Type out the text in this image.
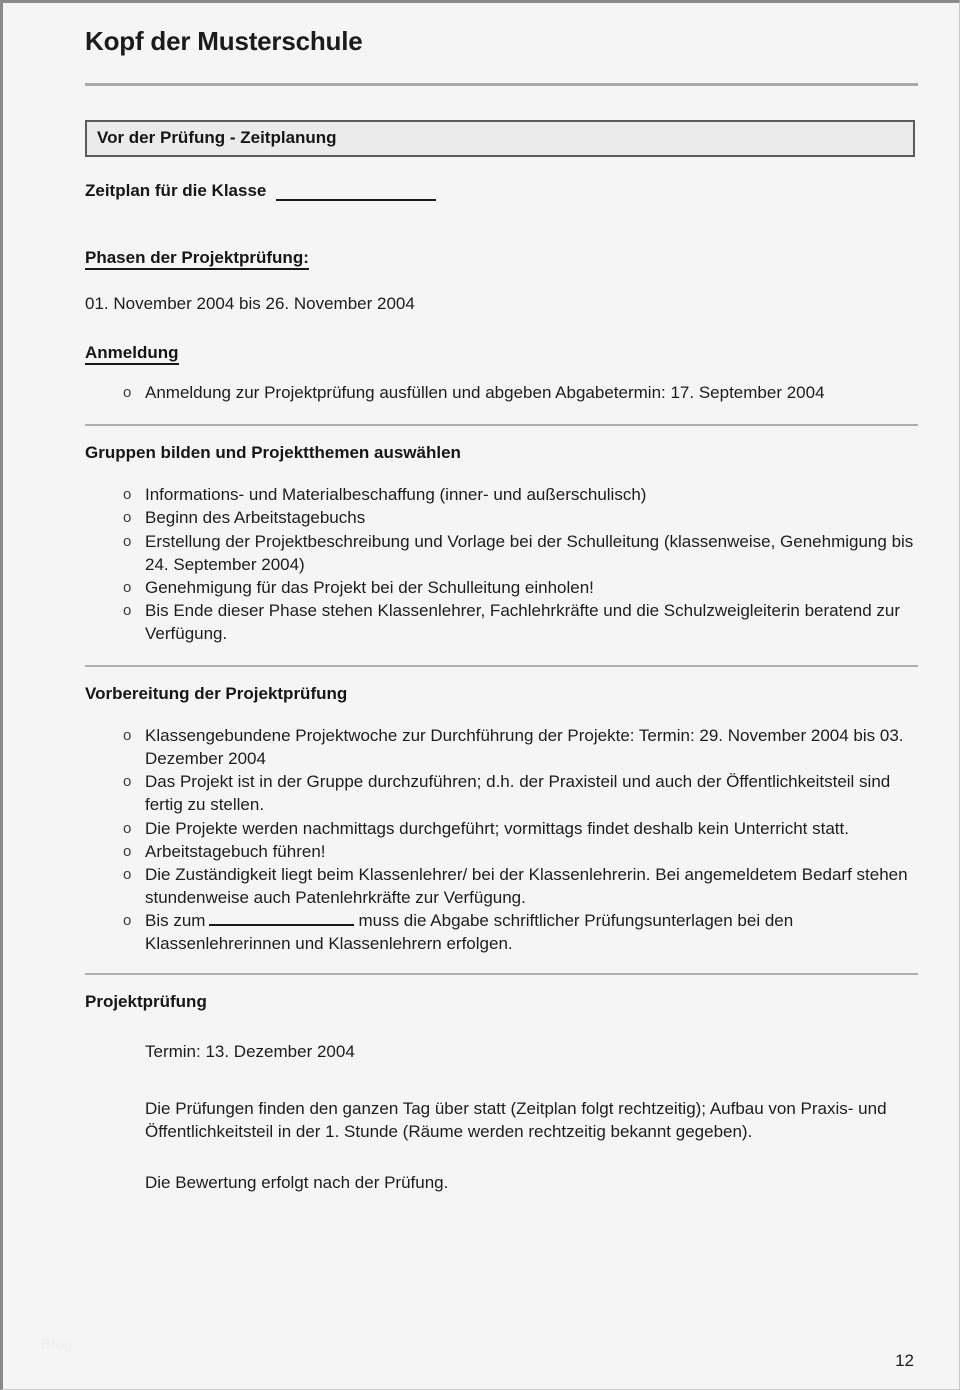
Kopf der Musterschule
Vor der Prüfung - Zeitplanung
Zeitplan für die Klasse
Phasen der Projektprüfung:
01. November 2004 bis 26. November 2004
Anmeldung
o Anmeldung zur Projektprüfung ausfüllen und abgeben Abgabetermin: 17. September 2004
Gruppen bilden und Projektthemen auswählen
o Informations- und Materialbeschaffung (inner- und außerschulisch)
o Beginn des Arbeitstagebuchs
o Erstellung der Projektbeschreibung und Vorlage bei der Schulleitung (klassenweise, Genehmigung bis 24. September 2004)
o Genehmigung für das Projekt bei der Schulleitung einholen!
o Bis Ende dieser Phase stehen Klassenlehrer, Fachlehrkräfte und die Schulzweigleiterin beratend zur Verfügung.
Vorbereitung der Projektprüfung
o Klassengebundene Projektwoche zur Durchführung der Projekte: Termin: 29. November 2004 bis 03. Dezember 2004
o Das Projekt ist in der Gruppe durchzuführen; d.h. der Praxisteil und auch der Öffentlichkeitsteil sind fertig zu stellen.
o Die Projekte werden nachmittags durchgeführt; vormittags findet deshalb kein Unterricht statt.
o Arbeitstagebuch führen!
o Die Zuständigkeit liegt beim Klassenlehrer/ bei der Klassenlehrerin. Bei angemeldetem Bedarf stehen stundenweise auch Patenlehrkräfte zur Verfügung.
o Bis zum	muss die Abgabe schriftlicher Prüfungsunterlagen bei den Klassenlehrerinnen und Klassenlehrern erfolgen.
Projektprüfung
Termin: 13. Dezember 2004
Die Prüfungen finden den ganzen Tag über statt (Zeitplan folgt rechtzeitig); Aufbau von Praxis- und Öffentlichkeitsteil in der 1. Stunde (Räume werden rechtzeitig bekannt gegeben).
Die Bewertung erfolgt nach der Prüfung.
Blog
12
